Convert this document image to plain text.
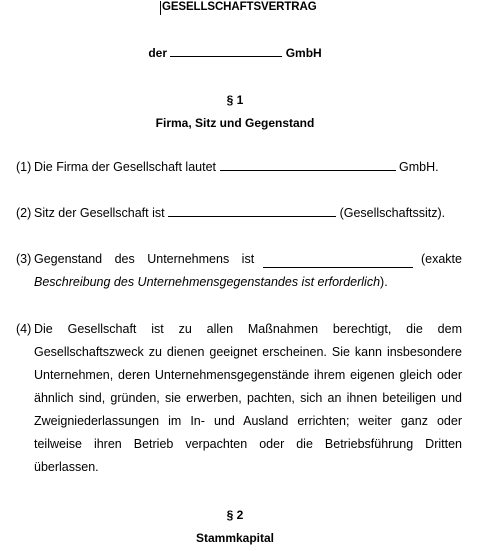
GESELLSCHAFTSVERTRAG
der	GmbH
§ 1
Firma, Sitz und Gegenstand
(1) Die Firma der Gesellschaft lautet	GmbH.
(2) Sitz der Gesellschaft ist	(Gesellschaftssitz).
(3) Gegenstand des Unternehmens ist	(exakte
Beschreibung des Unternehmensgegenstandes ist erforderlich).
(4) Die Gesellschaft ist zu allen Maßnahmen berechtigt, die dem Gesellschaftszweck zu dienen geeignet erscheinen. Sie kann insbesondere Unternehmen, deren Unternehmensgegenstände ihrem eigenen gleich oder ähnlich sind, gründen, sie erwerben, pachten, sich an ihnen beteiligen und Zweigniederlassungen im In- und Ausland errichten; weiter ganz oder teilweise ihren Betrieb verpachten oder die Betriebsführung Dritten überlassen.
§ 2
Stammkapital
